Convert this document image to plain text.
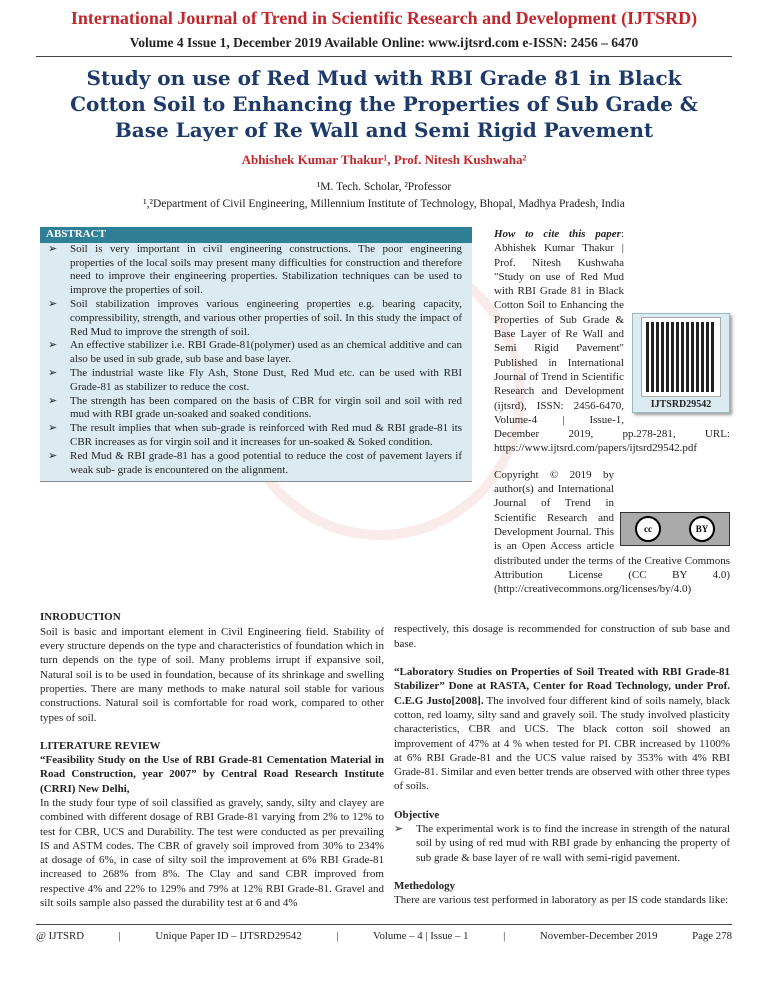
International Journal of Trend in Scientific Research and Development (IJTSRD)
Volume 4 Issue 1, December 2019 Available Online: www.ijtsrd.com e-ISSN: 2456 – 6470
Study on use of Red Mud with RBI Grade 81 in Black Cotton Soil to Enhancing the Properties of Sub Grade & Base Layer of Re Wall and Semi Rigid Pavement
Abhishek Kumar Thakur¹, Prof. Nitesh Kushwaha²
¹M. Tech. Scholar, ²Professor
¹,²Department of Civil Engineering, Millennium Institute of Technology, Bhopal, Madhya Pradesh, India
ABSTRACT
➢	Soil is very important in civil engineering constructions. The poor engineering properties of the local soils may present many difficulties for construction and therefore need to improve their engineering properties. Stabilization techniques can be used to improve the properties of soil.
➢	Soil stabilization improves various engineering properties e.g. bearing capacity, compressibility, strength, and various other properties of soil. In this study the impact of Red Mud to improve the strength of soil.
➢	An effective stabilizer i.e. RBI Grade-81(polymer) used as an chemical additive and can also be used in sub grade, sub base and base layer.
➢	The industrial waste like Fly Ash, Stone Dust, Red Mud etc. can be used with RBI Grade-81 as stabilizer to reduce the cost.
➢	The strength has been compared on the basis of CBR for virgin soil and soil with red mud with RBI grade un-soaked and soaked conditions.
➢	The result implies that when sub-grade is reinforced with Red mud & RBI grade-81 its CBR increases as for virgin soil and it increases for un-soaked & Soked condition.
➢	Red Mud & RBI grade-81 has a good potential to reduce the cost of pavement layers if weak sub- grade is encountered on the alignment.
IJTSRD29542
How to cite this paper: Abhishek Kumar Thakur | Prof. Nitesh Kushwaha "Study on use of Red Mud with RBI Grade 81 in Black Cotton Soil to Enhancing the Properties of Sub Grade & Base Layer of Re Wall and Semi Rigid Pavement" Published in International Journal of Trend in Scientific Research and Development (ijtsrd), ISSN: 2456-6470, Volume-4 | Issue-1, December 2019, pp.278-281, URL: https://www.ijtsrd.com/papers/ijtsrd29542.pdf
cc	BY
Copyright © 2019 by author(s) and International Journal of Trend in Scientific Research and Development Journal. This is an Open Access article distributed under the terms of the Creative Commons Attribution License (CC BY 4.0) (http://creativecommons.org/licenses/by/4.0)
INRODUCTION

Soil is basic and important element in Civil Engineering field. Stability of every structure depends on the type and characteristics of foundation which in turn depends on the type of soil. Many problems irrupt if expansive soil, Natural soil is to be used in foundation, because of its shrinkage and swelling properties. There are many methods to make natural soil stable for various constructions. Natural soil is comfortable for road work, compared to other types of soil.

LITERATURE REVIEW

“Feasibility Study on the Use of RBI Grade-81 Cementation Material in Road Construction, year 2007” by Central Road Research Institute (CRRI) New Delhi,

In the study four type of soil classified as gravely, sandy, silty and clayey are combined with different dosage of RBI Grade-81 varying from 2% to 12% to test for CBR, UCS and Durability. The test were conducted as per prevailing IS and ASTM codes. The CBR of gravely soil improved from 30% to 234% at dosage of 6%, in case of silty soil the improvement at 6% RBI Grade-81 increased to 268% from 8%. The Clay and sand CBR improved from respective 4% and 22% to 129% and 79% at 12% RBI Grade-81. Gravel and silt soils sample also passed the durability test at 6 and 4%

respectively, this dosage is recommended for construction of sub base and base.

“Laboratory Studies on Properties of Soil Treated with RBI Grade-81 Stabilizer” Done at RASTA, Center for Road Technology, under Prof. C.E.G Justo[2008]. The involved four different kind of soils namely, black cotton, red loamy, silty sand and gravely soil. The study involved plasticity characteristics, CBR and UCS. The black cotton soil showed an improvement of 47% at 4 % when tested for PI. CBR increased by 1100% at 6% RBI Grade-81 and the UCS value raised by 353% with 4% RBI Grade-81. Similar and even better trends are observed with other three types of soils.

Objective
➢	The experimental work is to find the increase in strength of the natural soil by using of red mud with RBI grade by enhancing the property of sub grade & base layer of re wall with semi-rigid pavement.

Methedology

There are various test performed in laboratory as per IS code standards like:

@ IJTSRD	|	Unique Paper ID – IJTSRD29542	|	Volume – 4 | Issue – 1	|	November-December 2019	Page 278
